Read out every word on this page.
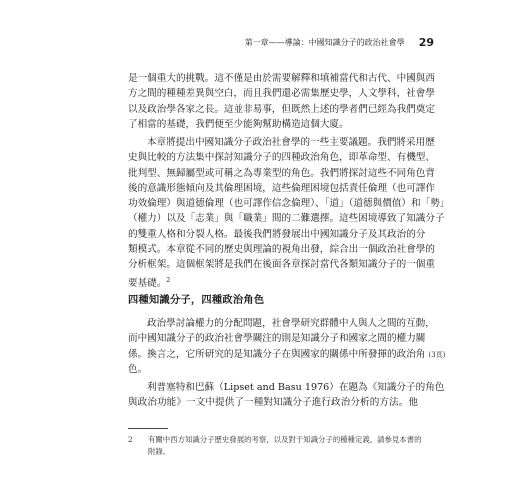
第一章——導論：中國知識分子的政治社會學 29

是一個重大的挑戰。這不僅是由於需要解釋和填補當代和古代、中國與西
方之間的種種差異與空白，而且我們還必需集歷史學，人文學科，社會學
以及政治學各家之長。這並非易事，但既然上述的學者們已經為我們奠定
了相當的基礎，我們便至少能夠幫助構造這個大廈。

本章將提出中國知識分子政治社會學的一些主要議題。我們將采用歷
史與比較的方法集中探討知識分子的四種政治角色，即革命型、有機型、
批判型、無歸屬型或可稱之為專業型的角色。我們將探討這些不同角色背
後的意識形態傾向及其倫理困境，這些倫理困境包括責任倫理（也可譯作
功效倫理）與道德倫理（也可譯作信念倫理）、「道」（道德與價值）和「勢」
（權力）以及「志業」與「職業」間的二難選擇。這些困境導致了知識分子
的雙重人格和分裂人格。最後我們將發展出中國知識分子及其政治的分
類模式。本章從不同的歷史與理論的視角出發，綜合出一個政治社會學的
分析框架。這個框架將是我們在後面各章探討當代各類知識分子的一個重
要基礎。$^2$

四種知識分子，四種政治角色

政治學討論權力的分配問題，社會學研究群體中人與人之間的互動，
而中國知識分子的政治社會學關注的則是知識分子和國家之間的權力關
係。換言之，它所研究的是知識分子在與國家的關係中所發揮的政治角 (3頁)
色。

利普塞特和巴蘇（Lipset and Basu 1976）在題為《知識分子的角色
與政治功能》一文中提供了一種對知識分子進行政治分析的方法。他

2 有關中西方知識分子歷史發展的考察，以及對于知識分子的種種定義，請參見本書的
附錄。
